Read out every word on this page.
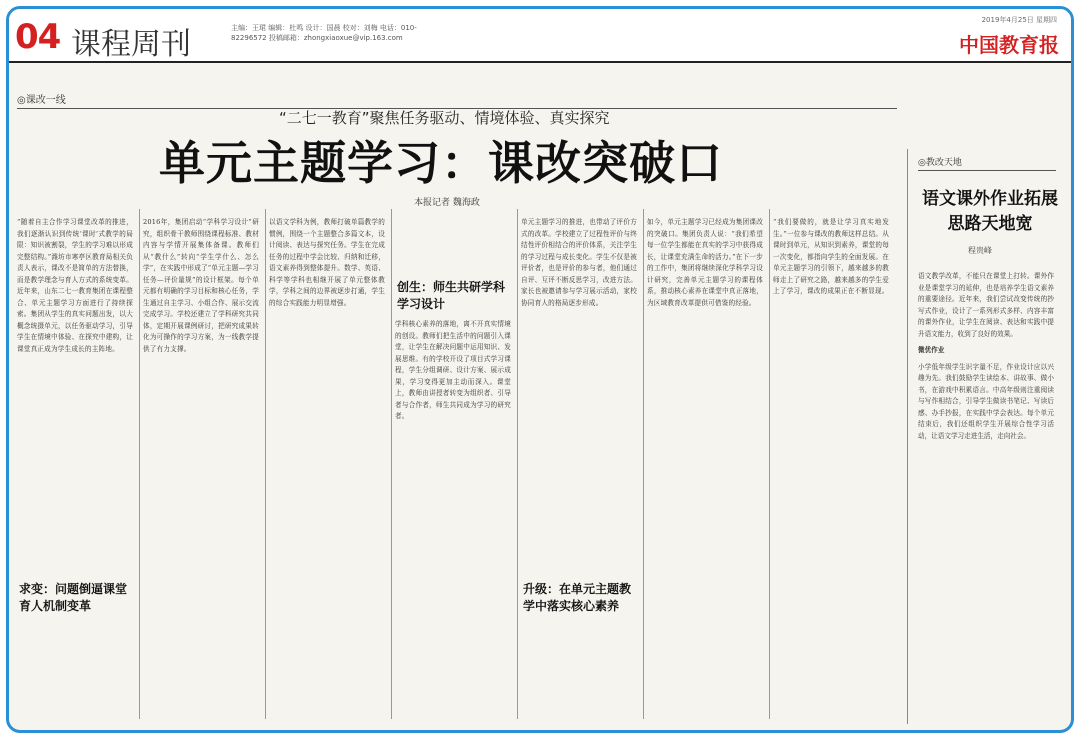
04 课程周刊	主编：王珺 编辑：杜鸣 设计：国晨 校对：刘梅 电话：010-82296572 投稿邮箱：zhongxiaoxue@vip.163.com
2019年4月25日 星期四
中国教育报
◎课改一线
“二七一教育”聚焦任务驱动、情境体验、真实探究
单元主题学习：课改突破口
本报记者 魏海政

“随着自主合作学习课堂改革的推进，我们逐渐认识到传统‘课时’式教学的局限：知识被割裂，学生的学习难以形成完整结构。”潍坊市寒亭区教育局相关负责人表示，课改不是简单的方法替换，而是教学理念与育人方式的系统变革。近年来，山东二七一教育集团在课程整合、单元主题学习方面进行了持续探索。集团从学生的真实问题出发，以大概念统摄单元，以任务驱动学习，引导学生在情境中体验、在探究中建构，让课堂真正成为学生成长的主阵地。

2016年，集团启动“学科学习设计”研究，组织骨干教师围绕课程标准、教材内容与学情开展集体备课。教师们从“教什么”转向“学生学什么、怎么学”，在实践中形成了“单元主题—学习任务—评价量规”的设计框架。每个单元都有明确的学习目标和核心任务，学生通过自主学习、小组合作、展示交流完成学习。学校还建立了学科研究共同体，定期开展课例研讨，把研究成果转化为可操作的学习方案，为一线教学提供了有力支撑。

以语文学科为例，教师打破单篇教学的惯例，围绕一个主题整合多篇文本，设计阅读、表达与探究任务。学生在完成任务的过程中学会比较、归纳和迁移，语文素养得到整体提升。数学、英语、科学等学科也相继开展了单元整体教学，学科之间的边界被逐步打通，学生的综合实践能力明显增强。

学科核心素养的落地，离不开真实情境的创设。教师们把生活中的问题引入课堂，让学生在解决问题中运用知识、发展思维。有的学校开设了项目式学习课程，学生分组调研、设计方案、展示成果，学习变得更加主动而深入。课堂上，教师由讲授者转变为组织者、引导者与合作者，师生共同成为学习的研究者。

单元主题学习的推进，也带动了评价方式的改革。学校建立了过程性评价与终结性评价相结合的评价体系，关注学生的学习过程与成长变化。学生不仅是被评价者，也是评价的参与者，他们通过自评、互评不断反思学习，改进方法。家长也被邀请参与学习展示活动，家校协同育人的格局逐步形成。

如今，单元主题学习已经成为集团课改的突破口。集团负责人说：“我们希望每一位学生都能在真实的学习中获得成长，让课堂充满生命的活力。”在下一步的工作中，集团将继续深化学科学习设计研究，完善单元主题学习的课程体系，推动核心素养在课堂中真正落地，为区域教育改革提供可借鉴的经验。

“我们要做的，就是让学习真实地发生。”一位参与课改的教师这样总结。从课时到单元，从知识到素养，课堂的每一次变化，都指向学生的全面发展。在单元主题学习的引领下，越来越多的教师走上了研究之路，越来越多的学生爱上了学习，课改的成果正在不断显现。

求变：问题倒逼课堂育人机制变革
创生：师生共研学科学习设计
升级：在单元主题教学中落实核心素养
◎教改天地
语文课外作业拓展思路天地宽
程贵峰

语文教学改革，不能只在课堂上打转。课外作业是课堂学习的延伸，也是培养学生语文素养的重要途径。近年来，我们尝试改变传统的抄写式作业，设计了一系列形式多样、内容丰富的课外作业，让学生在阅读、表达和实践中提升语文能力，收到了良好的效果。

微优作业

小学低年级学生识字量不足，作业设计应以兴趣为先。我们鼓励学生读绘本、讲故事、做小书，在游戏中积累语言。中高年级则注重阅读与写作相结合，引导学生做读书笔记、写读后感、办手抄报，在实践中学会表达。每个单元结束后，我们还组织学生开展综合性学习活动，让语文学习走进生活，走向社会。
